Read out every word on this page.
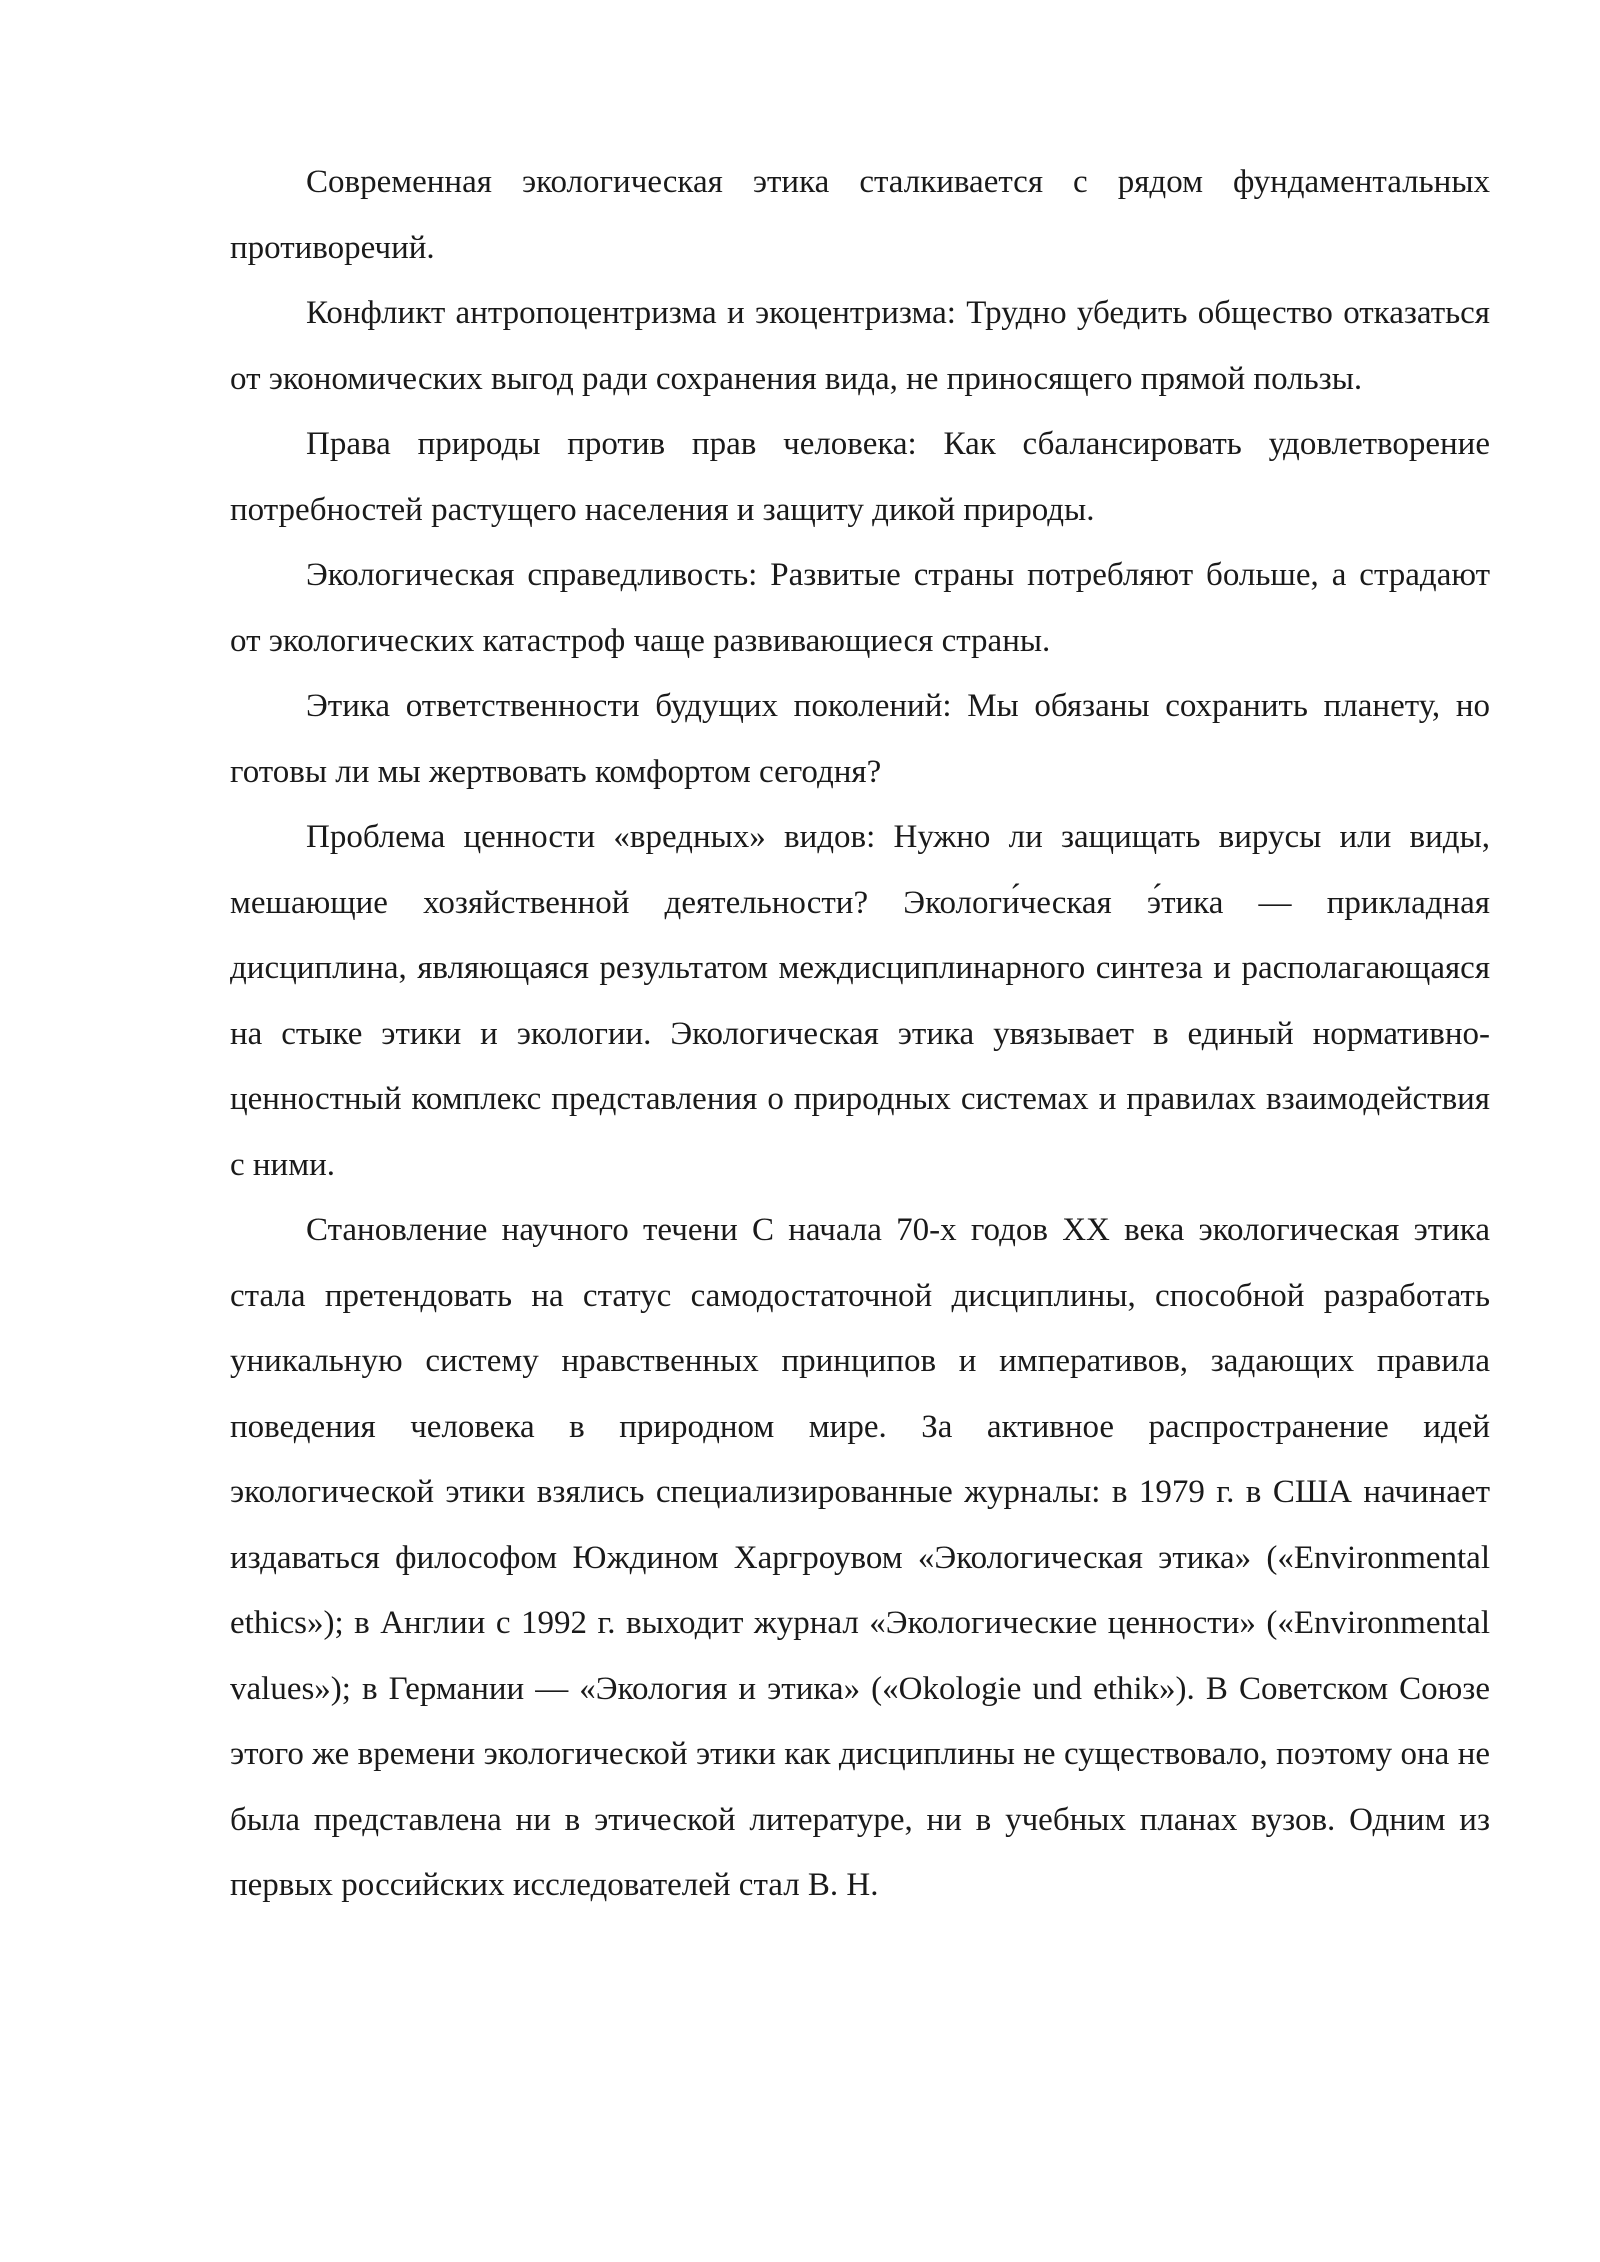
Современная экологическая этика сталкивается с рядом фундаментальных противоречий.

Конфликт антропоцентризма и экоцентризма: Трудно убедить общество отказаться от экономических выгод ради сохранения вида, не приносящего прямой пользы.

Права природы против прав человека: Как сбалансировать удовлетворение потребностей растущего населения и защиту дикой природы.

Экологическая справедливость: Развитые страны потребляют больше, а страдают от экологических катастроф чаще развивающиеся страны.

Этика ответственности будущих поколений: Мы обязаны сохранить планету, но готовы ли мы жертвовать комфортом сегодня?

Проблема ценности «вредных» видов: Нужно ли защищать вирусы или виды, мешающие хозяйственной деятельности? Экологи́ческая э́тика — прикладная дисциплина, являющаяся результатом междисциплинарного синтеза и располагающаяся на стыке этики и экологии. Экологическая этика увязывает в единый нормативно-ценностный комплекс представления о природных системах и правилах взаимодействия с ними.

Становление научного течени С начала 70-х годов XX века экологическая этика стала претендовать на статус самодостаточной дисциплины, способной разработать уникальную систему нравственных принципов и императивов, задающих правила поведения человека в природном мире. За активное распространение идей экологической этики взялись специализированные журналы: в 1979 г. в США начинает издаваться философом Юждином Харгроувом «Экологическая этика» («Environmental ethics»); в Англии с 1992 г. выходит журнал «Экологические ценности» («Environmental values»); в Германии — «Экология и этика» («Okologie und ethik»). В Советском Союзе этого же времени экологической этики как дисциплины не существовало, поэтому она не была представлена ни в этической литературе, ни в учебных планах вузов. Одним из первых российских исследователей стал В. Н.
